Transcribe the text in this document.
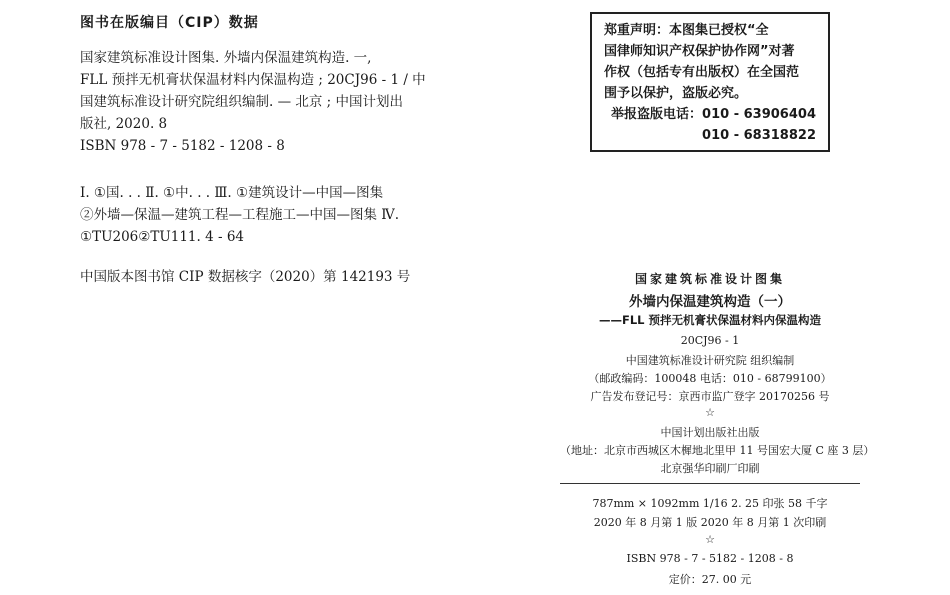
图书在版编目（CIP）数据
国家建筑标准设计图集. 外墙内保温建筑构造. 一,
FLL 预拌无机膏状保温材料内保温构造 ; 20CJ96 - 1 / 中
国建筑标准设计研究院组织编制. — 北京 ; 中国计划出
版社, 2020. 8
ISBN 978 - 7 - 5182 - 1208 - 8
Ⅰ. ①国. . . Ⅱ. ①中. . . Ⅲ. ①建筑设计—中国—图集
②外墙—保温—建筑工程—工程施工—中国—图集 Ⅳ.
①TU206②TU111. 4 - 64
中国版本图书馆 CIP 数据核字（2020）第 142193 号
郑重声明：本图集已授权“全
国律师知识产权保护协作网”对著
作权（包括专有出版权）在全国范
围予以保护，盗版必究。
举报盗版电话：010 - 63906404
010 - 68318822
国家建筑标准设计图集
外墙内保温建筑构造（一）
——FLL 预拌无机膏状保温材料内保温构造
20CJ96 - 1
中国建筑标准设计研究院 组织编制
（邮政编码：100048 电话：010 - 68799100）
广告发布登记号：京西市监广登字 20170256 号
☆
中国计划出版社出版
（地址：北京市西城区木樨地北里甲 11 号国宏大厦 C 座 3 层）
北京强华印刷厂印刷
787mm × 1092mm 1/16 2. 25 印张 58 千字
2020 年 8 月第 1 版 2020 年 8 月第 1 次印刷
☆
ISBN 978 - 7 - 5182 - 1208 - 8
定价：27. 00 元
